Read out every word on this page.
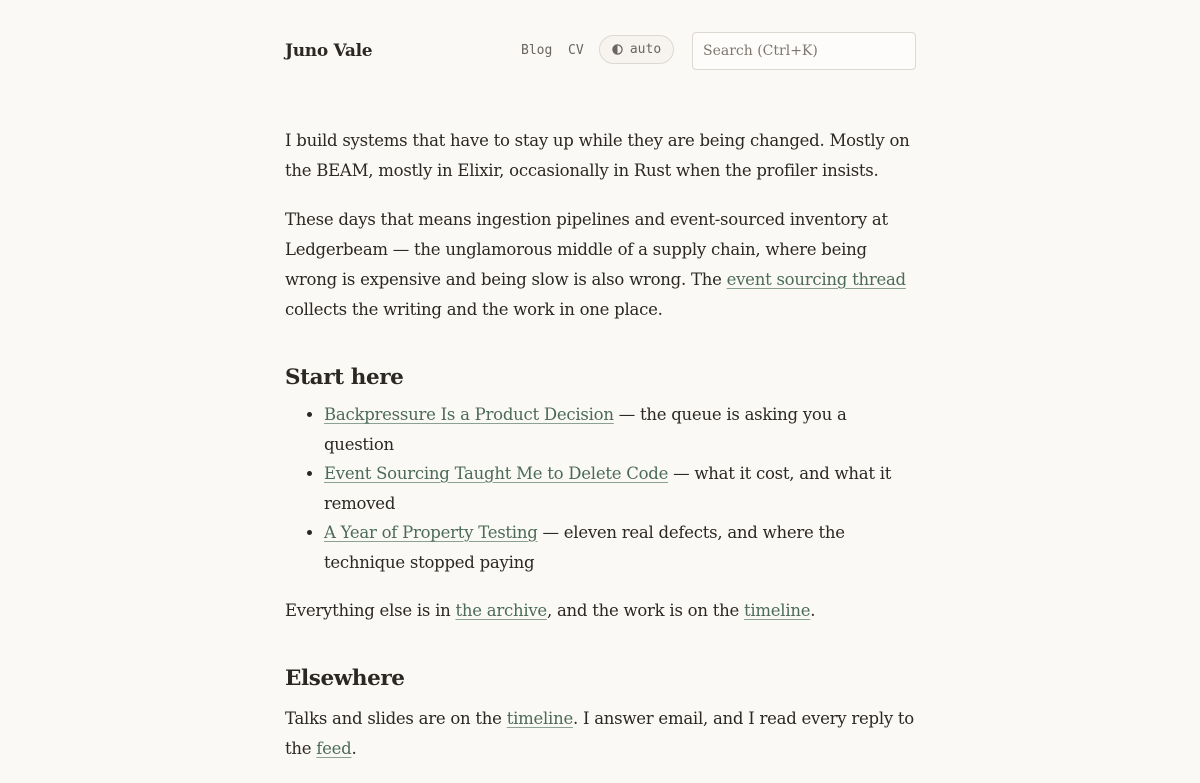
Juno Vale	Blog CV	auto
Search (Ctrl+K)

I build systems that have to stay up while they are being changed. Mostly on the BEAM, mostly in Elixir, occasionally in Rust when the profiler insists.

These days that means ingestion pipelines and event-sourced inventory at Ledgerbeam — the unglamorous middle of a supply chain, where being wrong is expensive and being slow is also wrong. The event sourcing thread collects the writing and the work in one place.

Start here
• Backpressure Is a Product Decision — the queue is asking you a question
• Event Sourcing Taught Me to Delete Code — what it cost, and what it removed
• A Year of Property Testing — eleven real defects, and where the technique stopped paying

Everything else is in the archive, and the work is on the timeline.

Elsewhere

Talks and slides are on the timeline. I answer email, and I read every reply to the feed.
